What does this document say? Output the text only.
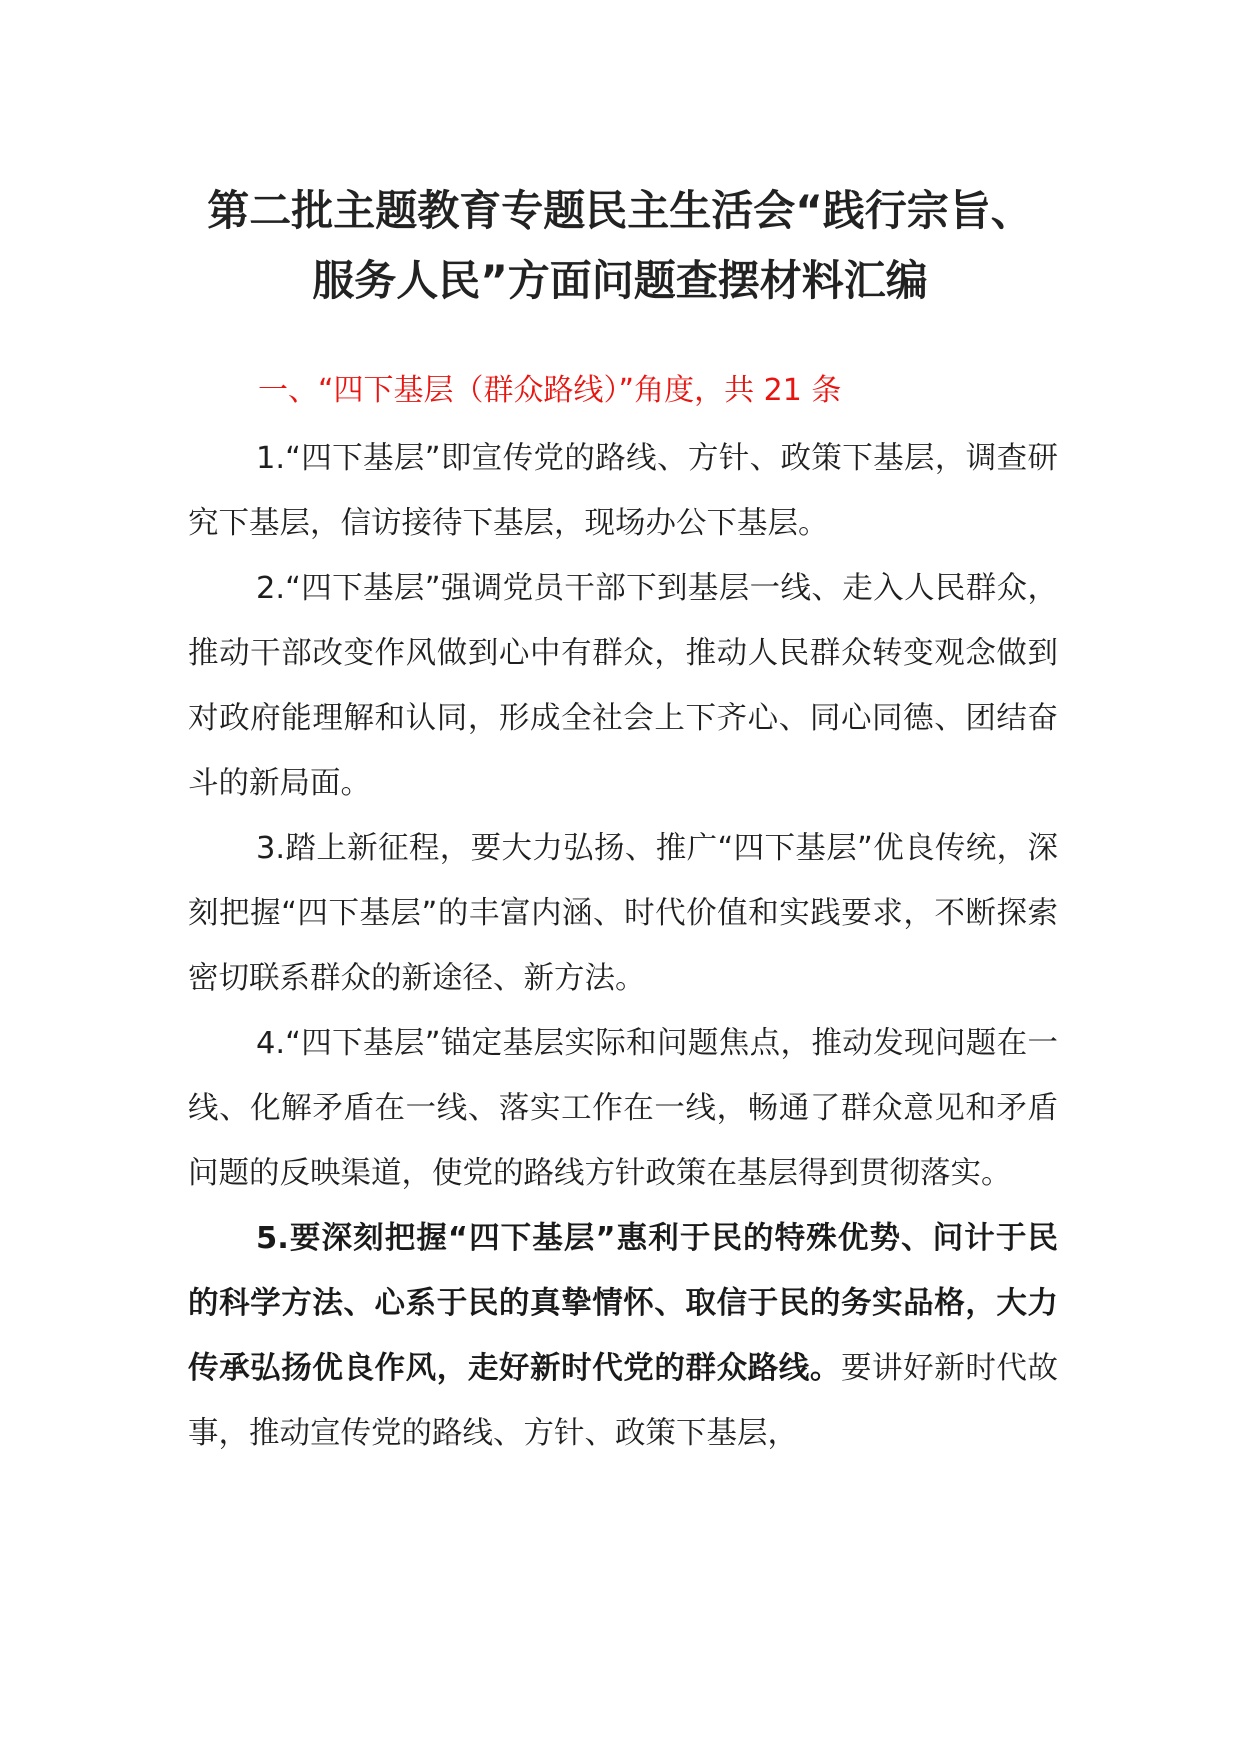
第二批主题教育专题民主生活会“践行宗旨、
服务人民”方面问题查摆材料汇编
一、“四下基层（群众路线）”角度，共 21 条

1.“四下基层”即宣传党的路线、方针、政策下基层，调查研究下基层，信访接待下基层，现场办公下基层。

2.“四下基层”强调党员干部下到基层一线、走入人民群众，推动干部改变作风做到心中有群众，推动人民群众转变观念做到对政府能理解和认同，形成全社会上下齐心、同心同德、团结奋斗的新局面。

3.踏上新征程，要大力弘扬、推广“四下基层”优良传统，深刻把握“四下基层”的丰富内涵、时代价值和实践要求，不断探索密切联系群众的新途径、新方法。

4.“四下基层”锚定基层实际和问题焦点，推动发现问题在一线、化解矛盾在一线、落实工作在一线，畅通了群众意见和矛盾问题的反映渠道，使党的路线方针政策在基层得到贯彻落实。

5.要深刻把握“四下基层”惠利于民的特殊优势、问计于民的科学方法、心系于民的真挚情怀、取信于民的务实品格，大力传承弘扬优良作风，走好新时代党的群众路线。要讲好新时代故事，推动宣传党的路线、方针、政策下基层，
